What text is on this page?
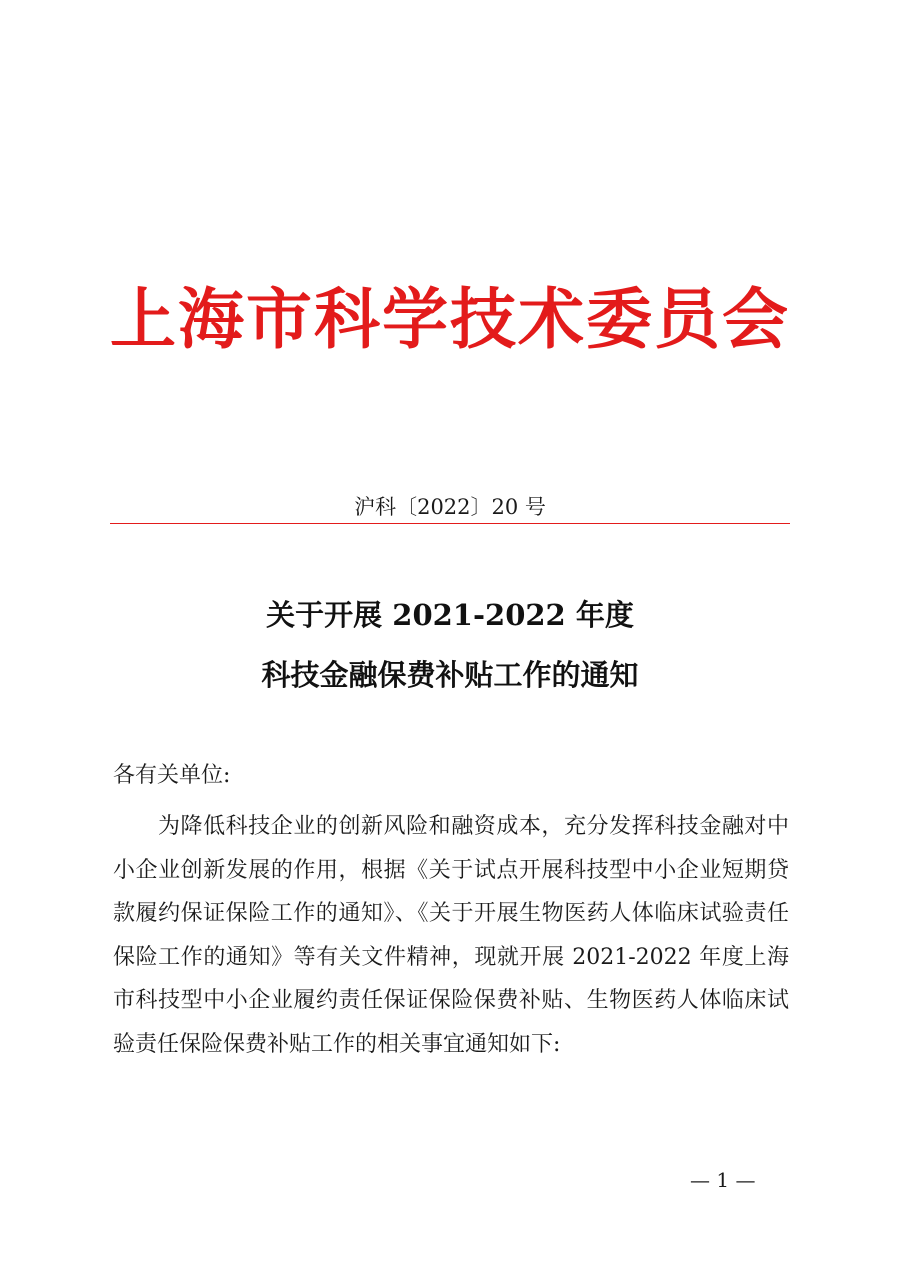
上海市科学技术委员会
沪科〔2022〕20 号
关于开展 2021-2022 年度
科技金融保费补贴工作的通知
各有关单位:

为降低科技企业的创新风险和融资成本，充分发挥科技金融对中小企业创新发展的作用，根据《关于试点开展科技型中小企业短期贷款履约保证保险工作的通知》、《关于开展生物医药人体临床试验责任保险工作的通知》等有关文件精神，现就开展 2021-2022 年度上海市科技型中小企业履约责任保证保险保费补贴、生物医药人体临床试验责任保险保费补贴工作的相关事宜通知如下:

— 1 —
